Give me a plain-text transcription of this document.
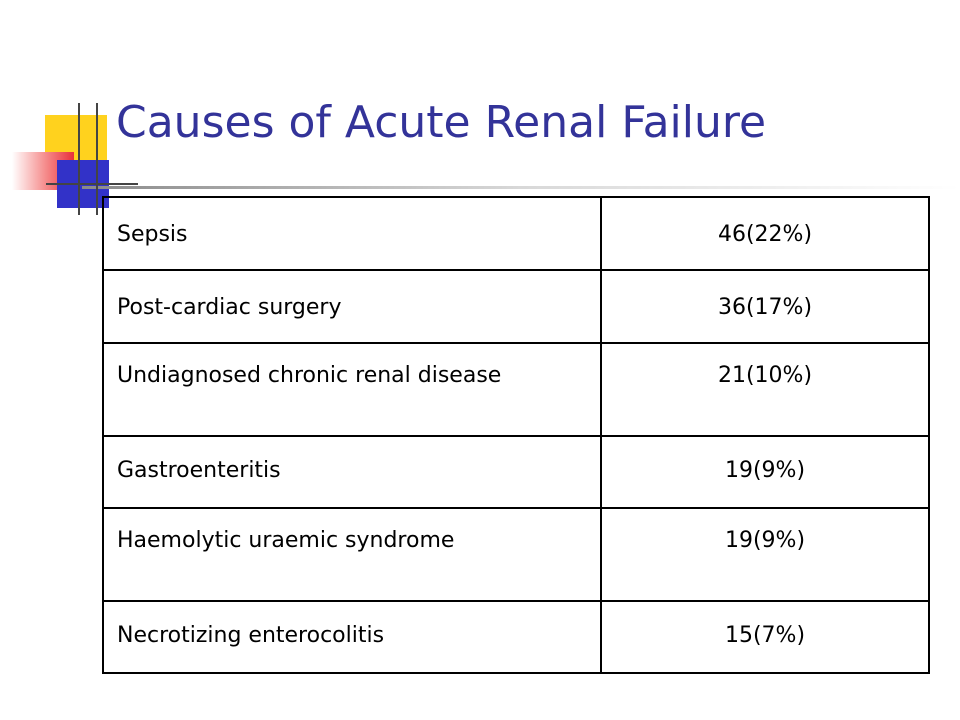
Causes of Acute Renal Failure
Sepsis	46(22%)
Post-cardiac surgery	36(17%)
Undiagnosed chronic renal disease	21(10%)
Gastroenteritis	19(9%)
Haemolytic uraemic syndrome	19(9%)
Necrotizing enterocolitis	15(7%)
